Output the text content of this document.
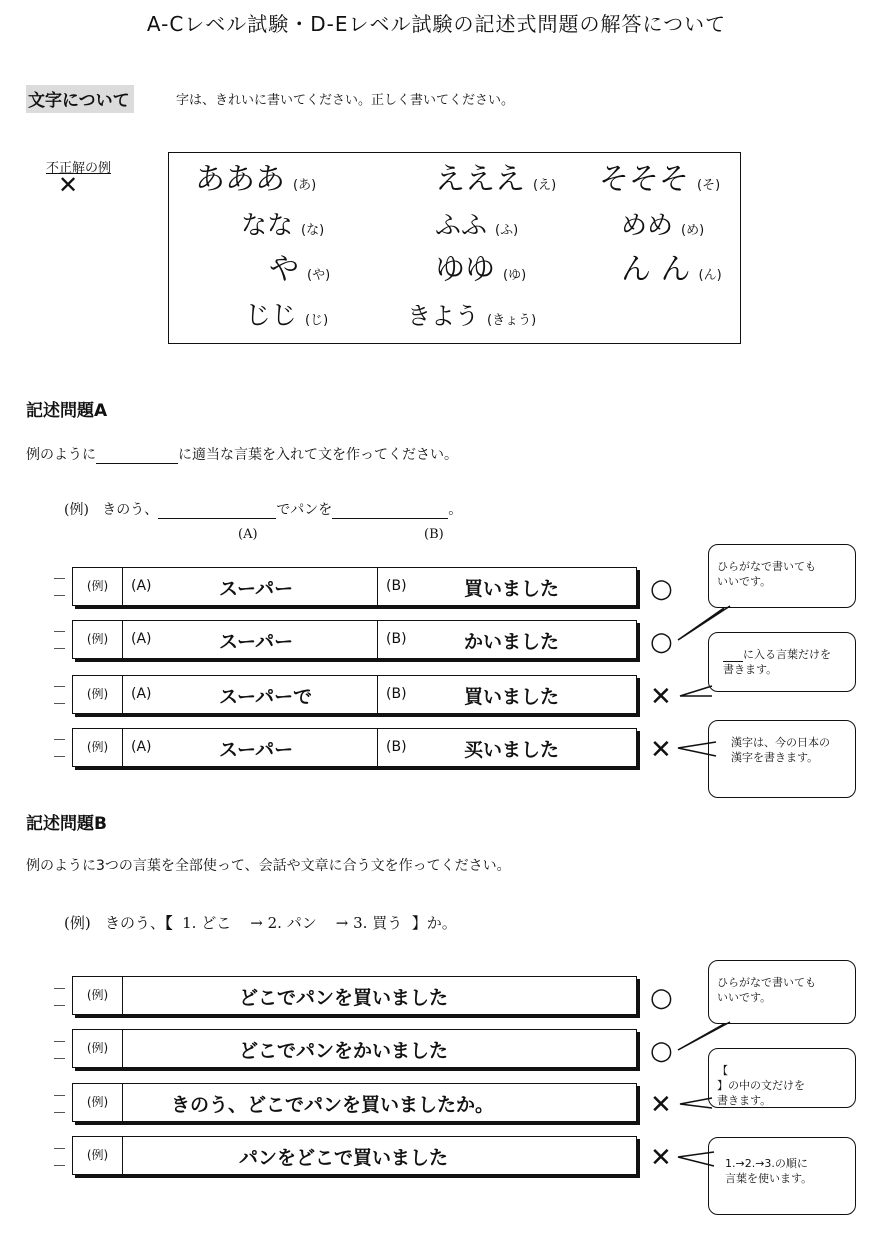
A-Cレベル試験・D-Eレベル試験の記述式問題の解答について
文字について	字は、きれいに書いてください。正しく書いてください。
不正解の例
✕	あああ (あ)	えええ (え) そそそ (そ)
なな (な)	ふふ (ふ)	めめ (め)
や (や)	ゆゆ (ゆ)	ん ん (ん)
じじ (じ)	きよう (きょう)
記述問題A
例のように	に適当な言葉を入れて文を作ってください。
(例) きのう、	でパンを	。
(A)	(B)
(例)	(A)	スーパー	(B)	買いました	○
(例)	(A)	スーパー	(B)	かいました	○
(例)	(A)	スーパーで	(B)	買いました	✕
(例)	(A)	スーパー	(B)	买いました	✕
ひらがなで書いても
いいです。
に入る言葉だけを
書きます。
漢字は、今の日本の
漢字を書きます。
記述問題B
例のように3つの言葉を全部使って、会話や文章に合う文を作ってください。
(例) きのう、【 1. どこ → 2. パン → 3. 買う 】か。
(例)	どこでパンを買いました	○
(例)	どこでパンをかいました	○
(例)	きのう、どこでパンを買いましたか。	✕
(例)	パンをどこで買いました	✕
ひらがなで書いても
いいです。
【
】の中の文だけを
書きます。
1.→2.→3.の順に
言葉を使います。
